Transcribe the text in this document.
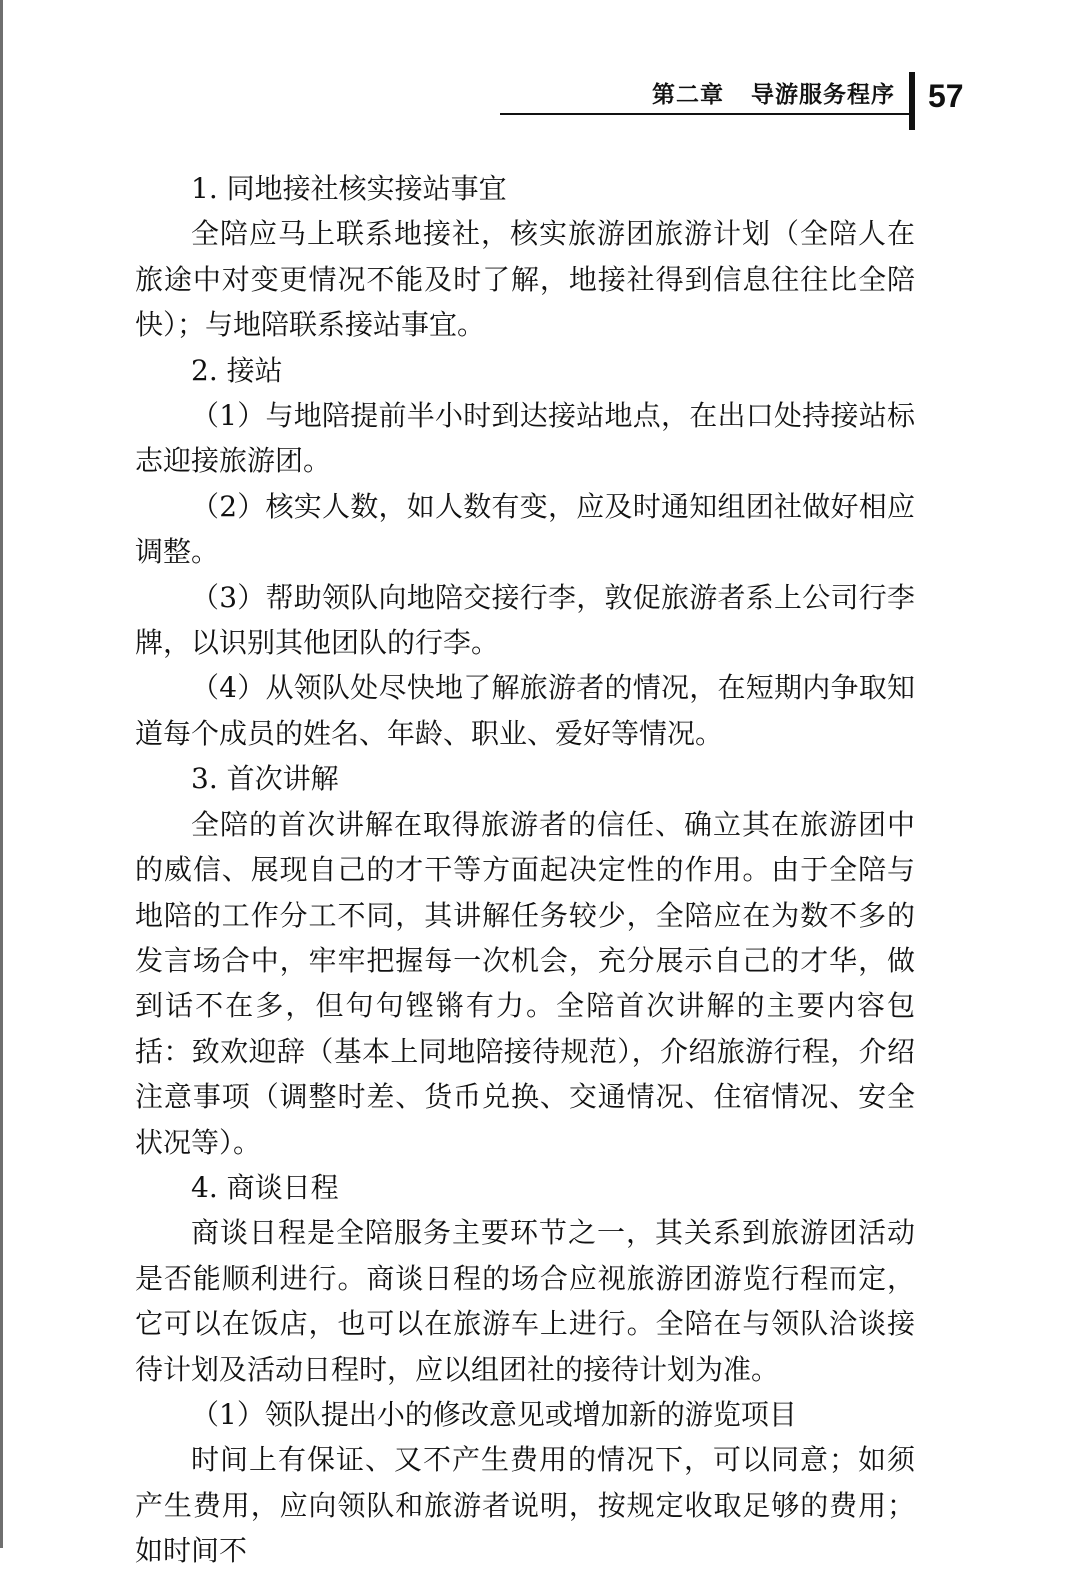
第二章   导游服务程序 57

1. 同地接社核实接站事宜

全陪应马上联系地接社，核实旅游团旅游计划（全陪人在旅途中对变更情况不能及时了解，地接社得到信息往往比全陪快）；与地陪联系接站事宜。

2. 接站

（1）与地陪提前半小时到达接站地点，在出口处持接站标志迎接旅游团。

（2）核实人数，如人数有变，应及时通知组团社做好相应调整。

（3）帮助领队向地陪交接行李，敦促旅游者系上公司行李牌，以识别其他团队的行李。

（4）从领队处尽快地了解旅游者的情况，在短期内争取知道每个成员的姓名、年龄、职业、爱好等情况。

3. 首次讲解

全陪的首次讲解在取得旅游者的信任、确立其在旅游团中的威信、展现自己的才干等方面起决定性的作用。由于全陪与地陪的工作分工不同，其讲解任务较少，全陪应在为数不多的发言场合中，牢牢把握每一次机会，充分展示自己的才华，做到话不在多，但句句铿锵有力。全陪首次讲解的主要内容包括：致欢迎辞（基本上同地陪接待规范），介绍旅游行程，介绍注意事项（调整时差、货币兑换、交通情况、住宿情况、安全状况等）。

4. 商谈日程

商谈日程是全陪服务主要环节之一，其关系到旅游团活动是否能顺利进行。商谈日程的场合应视旅游团游览行程而定，它可以在饭店，也可以在旅游车上进行。全陪在与领队洽谈接待计划及活动日程时，应以组团社的接待计划为准。

（1）领队提出小的修改意见或增加新的游览项目

时间上有保证、又不产生费用的情况下，可以同意；如须产生费用，应向领队和旅游者说明，按规定收取足够的费用；如时间不
